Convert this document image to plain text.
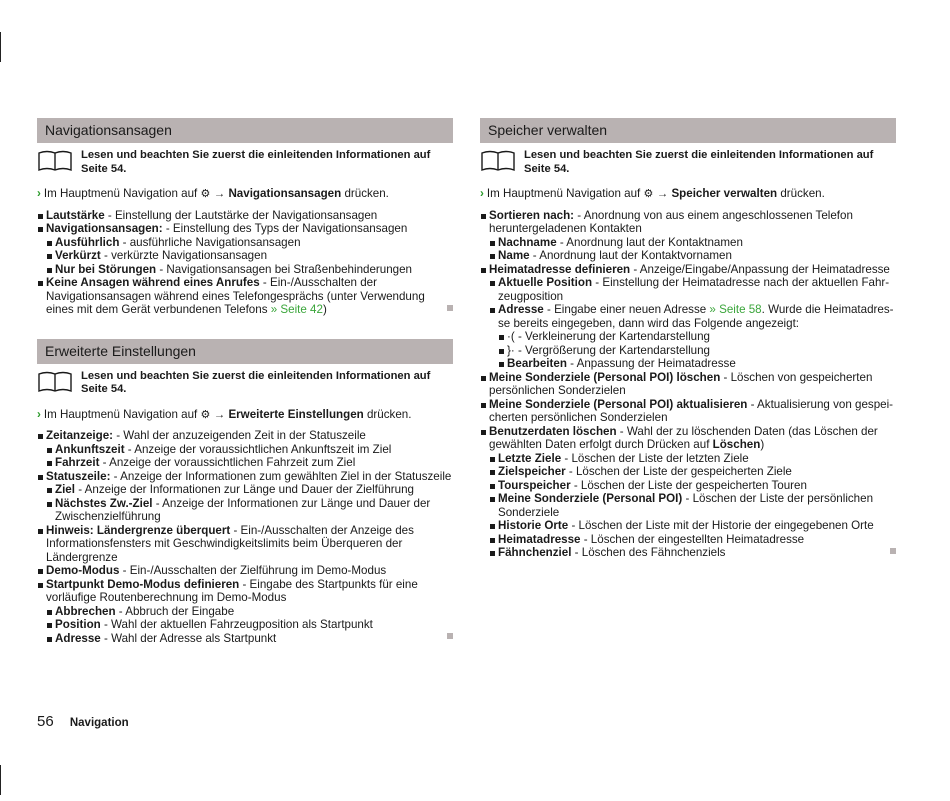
Navigationsansagen
Lesen und beachten Sie zuerst die einleitenden Informationen auf Seite 54.
› Im Hauptmenü Navigation auf ⚙ → Navigationsansagen drücken.
Lautstärke - Einstellung der Lautstärke der Navigationsansagen
Navigationsansagen: - Einstellung des Typs der Navigationsansagen
Ausführlich - ausführliche Navigationsansagen
Verkürzt - verkürzte Navigationsansagen
Nur bei Störungen - Navigationsansagen bei Straßenbehinderungen
Keine Ansagen während eines Anrufes - Ein-/Ausschalten der Navigationsansagen während eines Telefongesprächs (unter Verwendung eines mit dem Gerät verbundenen Telefons » Seite 42)
Erweiterte Einstellungen
Lesen und beachten Sie zuerst die einleitenden Informationen auf Seite 54.
› Im Hauptmenü Navigation auf ⚙ → Erweiterte Einstellungen drücken.
Zeitanzeige: - Wahl der anzuzeigenden Zeit in der Statuszeile
Ankunftszeit - Anzeige der voraussichtlichen Ankunftszeit im Ziel
Fahrzeit - Anzeige der voraussichtlichen Fahrzeit zum Ziel
Statuszeile: - Anzeige der Informationen zum gewählten Ziel in der Statuszeile
Ziel - Anzeige der Informationen zur Länge und Dauer der Zielführung
Nächstes Zw.-Ziel - Anzeige der Informationen zur Länge und Dauer der Zwischenzielführung
Hinweis: Ländergrenze überquert - Ein-/Ausschalten der Anzeige des Informationsfensters mit Geschwindigkeitslimits beim Überqueren der Ländergrenze
Demo-Modus - Ein-/Ausschalten der Zielführung im Demo-Modus
Startpunkt Demo-Modus definieren - Eingabe des Startpunkts für eine vorläufige Routenberechnung im Demo-Modus
Abbrechen - Abbruch der Eingabe
Position - Wahl der aktuellen Fahrzeugposition als Startpunkt
Adresse - Wahl der Adresse als Startpunkt
Speicher verwalten
Lesen und beachten Sie zuerst die einleitenden Informationen auf Seite 54.
› Im Hauptmenü Navigation auf ⚙ → Speicher verwalten drücken.
Sortieren nach: - Anordnung von aus einem angeschlossenen Telefon heruntergeladenen Kontakten
Nachname - Anordnung laut der Kontaktnamen
Name - Anordnung laut der Kontaktvornamen
Heimatadresse definieren - Anzeige/Eingabe/Anpassung der Heimatadresse
Aktuelle Position - Einstellung der Heimatadresse nach der aktuellen Fahrzeugposition
Adresse - Eingabe einer neuen Adresse » Seite 58. Wurde die Heimatadresse bereits eingegeben, dann wird das Folgende angezeigt:
·( - Verkleinerung der Kartendarstellung
}· - Vergrößerung der Kartendarstellung
Bearbeiten - Anpassung der Heimatadresse
Meine Sonderziele (Personal POI) löschen - Löschen von gespeicherten persönlichen Sonderzielen
Meine Sonderziele (Personal POI) aktualisieren - Aktualisierung von gespeicherten persönlichen Sonderzielen
Benutzerdaten löschen - Wahl der zu löschenden Daten (das Löschen der gewählten Daten erfolgt durch Drücken auf Löschen)
Letzte Ziele - Löschen der Liste der letzten Ziele
Zielspeicher - Löschen der Liste der gespeicherten Ziele
Tourspeicher - Löschen der Liste der gespeicherten Touren
Meine Sonderziele (Personal POI) - Löschen der Liste der persönlichen Sonderziele
Historie Orte - Löschen der Liste mit der Historie der eingegebenen Orte
Heimatadresse - Löschen der eingestellten Heimatadresse
Fähnchenziel - Löschen des Fähnchenziels
56 Navigation
